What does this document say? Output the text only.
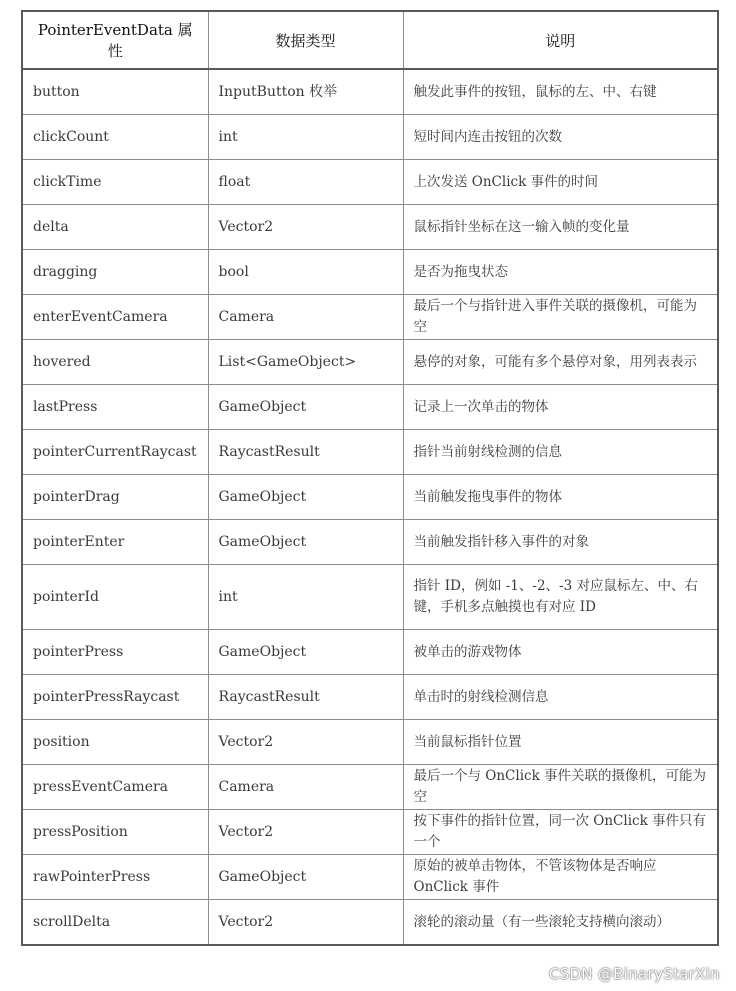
PointerEventData 属性	数据类型	说明
button	InputButton 枚举	触发此事件的按钮，鼠标的左、中、右键
clickCount	int	短时间内连击按钮的次数
clickTime	float	上次发送 OnClick 事件的时间
delta	Vector2	鼠标指针坐标在这一输入帧的变化量
dragging	bool	是否为拖曳状态
enterEventCamera	Camera	最后一个与指针进入事件关联的摄像机，可能为空
hovered	List<GameObject>	悬停的对象，可能有多个悬停对象，用列表表示
lastPress	GameObject	记录上一次单击的物体
pointerCurrentRaycast	RaycastResult	指针当前射线检测的信息
pointerDrag	GameObject	当前触发拖曳事件的物体
pointerEnter	GameObject	当前触发指针移入事件的对象
pointerId	int	指针 ID，例如 -1、-2、-3 对应鼠标左、中、右键，手机多点触摸也有对应 ID
pointerPress	GameObject	被单击的游戏物体
pointerPressRaycast	RaycastResult	单击时的射线检测信息
position	Vector2	当前鼠标指针位置
pressEventCamera	Camera	最后一个与 OnClick 事件关联的摄像机，可能为空
pressPosition	Vector2	按下事件的指针位置，同一次 OnClick 事件只有一个
rawPointerPress	GameObject	原始的被单击物体，不管该物体是否响应 OnClick 事件
scrollDelta	Vector2	滚轮的滚动量（有一些滚轮支持横向滚动）
CSDN @BinaryStarXin
